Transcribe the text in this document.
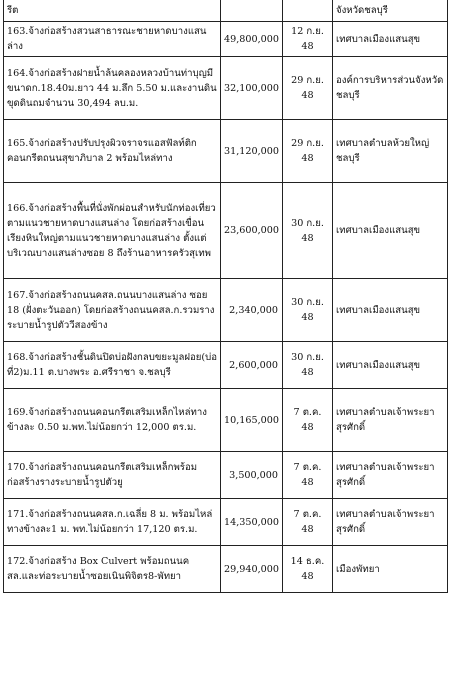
รีต			จังหวัดชลบุรี
163.จ้างก่อสร้างสวนสาธารณะชายหาดบางแสนล่าง	49,800,000	12 ก.ย. 48	เทศบาลเมืองแสนสุข
164.จ้างก่อสร้างฝายน้ำล้นคลองหลวงบ้านท่าบุญมี ขนาดก.18.40ม.ยาว 44 ม.ลึก 5.50 ม.และงานดินขุดดินถมจำนวน 30,494 ลบ.ม.	32,100,000	29 ก.ย. 48	องค์การบริหารส่วนจังหวัดชลบุรี
165.จ้างก่อสร้างปรับปรุงผิวจราจรแอสฟัลท์ติกคอนกรีตถนนสุขาภิบาล 2 พร้อมไหล่ทาง	31,120,000	29 ก.ย. 48	เทศบาลตำบลห้วยใหญ่ ชลบุรี
166.จ้างก่อสร้างพื้นที่นั่งพักผ่อนสำหรับนักท่องเที่ยวตามแนวชายหาดบางแสนล่าง โดยก่อสร้างเขื่อนเรียงหินใหญ่ตามแนวชายหาดบางแสนล่าง ตั้งแต่บริเวณบางแสนล่างซอย 8 ถึงร้านอาหารครัวสุเทพ	23,600,000	30 ก.ย. 48	เทศบาลเมืองแสนสุข
167.จ้างก่อสร้างถนนคสล.ถนนบางแสนล่าง ซอย 18 (ฝั่งตะวันออก) โดยก่อสร้างถนนคสล.ก.รวมรางระบายน้ำรูปตัววีสองข้าง	2,340,000	30 ก.ย. 48	เทศบาลเมืองแสนสุข
168.จ้างก่อสร้างชั้นดินปิดบ่อฝังกลบขยะมูลฝอย(บ่อที่2)ม.11 ต.บางพระ อ.ศรีราชา จ.ชลบุรี	2,600,000	30 ก.ย. 48	เทศบาลเมืองแสนสุข
169.จ้างก่อสร้างถนนคอนกรีตเสริมเหล็กไหล่ทางข้างละ 0.50 ม.พท.ไม่น้อยกว่า 12,000 ตร.ม.	10,165,000	7 ต.ค. 48	เทศบาลตำบลเจ้าพระยาสุรศักดิ์
170.จ้างก่อสร้างถนนคอนกรีตเสริมเหล็กพร้อมก่อสร้างรางระบายน้ำรูปตัวยู	3,500,000	7 ต.ค. 48	เทศบาลตำบลเจ้าพระยาสุรศักดิ์
171.จ้างก่อสร้างถนนคสล.ก.เฉลี่ย 8 ม. พร้อมไหล่ทางข้างละ1 ม. พท.ไม่น้อยกว่า 17,120 ตร.ม.	14,350,000	7 ต.ค. 48	เทศบาลตำบลเจ้าพระยาสุรศักดิ์
172.จ้างก่อสร้าง Box Culvert พร้อมถนนคสล.และท่อระบายน้ำซอยเนินพิจิตร8-พัทยา	29,940,000	14 ธ.ค. 48	เมืองพัทยา
